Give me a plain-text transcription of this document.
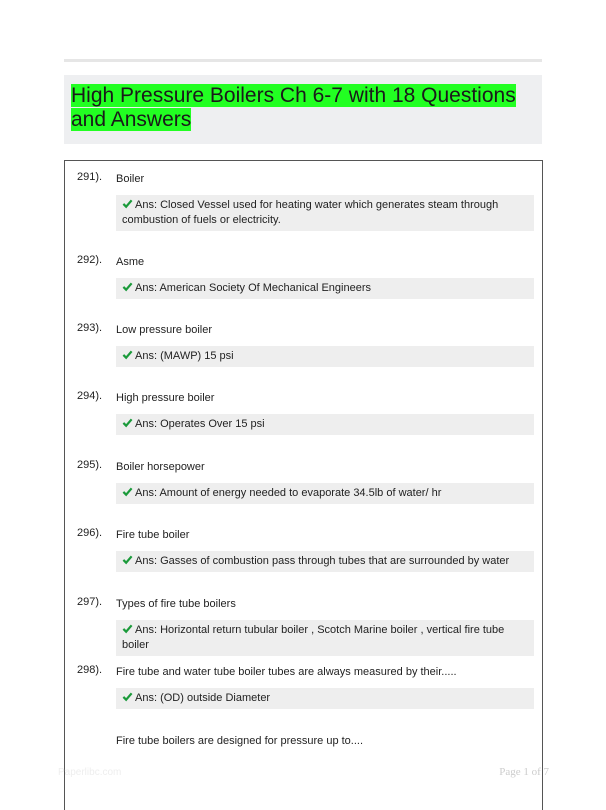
High Pressure Boilers Ch 6-7 with 18 Questions and Answers
291). Boiler
Ans: Closed Vessel used for heating water which generates steam through combustion of fuels or electricity.
292). Asme
Ans: American Society Of Mechanical Engineers
293). Low pressure boiler
Ans: (MAWP) 15 psi
294). High pressure boiler
Ans: Operates Over 15 psi
295). Boiler horsepower
Ans: Amount of energy needed to evaporate 34.5lb of water/ hr
296). Fire tube boiler
Ans: Gasses of combustion pass through tubes that are surrounded by water
297). Types of fire tube boilers
Ans: Horizontal return tubular boiler , Scotch Marine boiler , vertical fire tube boiler
298). Fire tube and water tube boiler tubes are always measured by their.....
Ans: (OD) outside Diameter
Fire tube boilers are designed for pressure up to....
Paperlibc.com	Page 1 of 7
